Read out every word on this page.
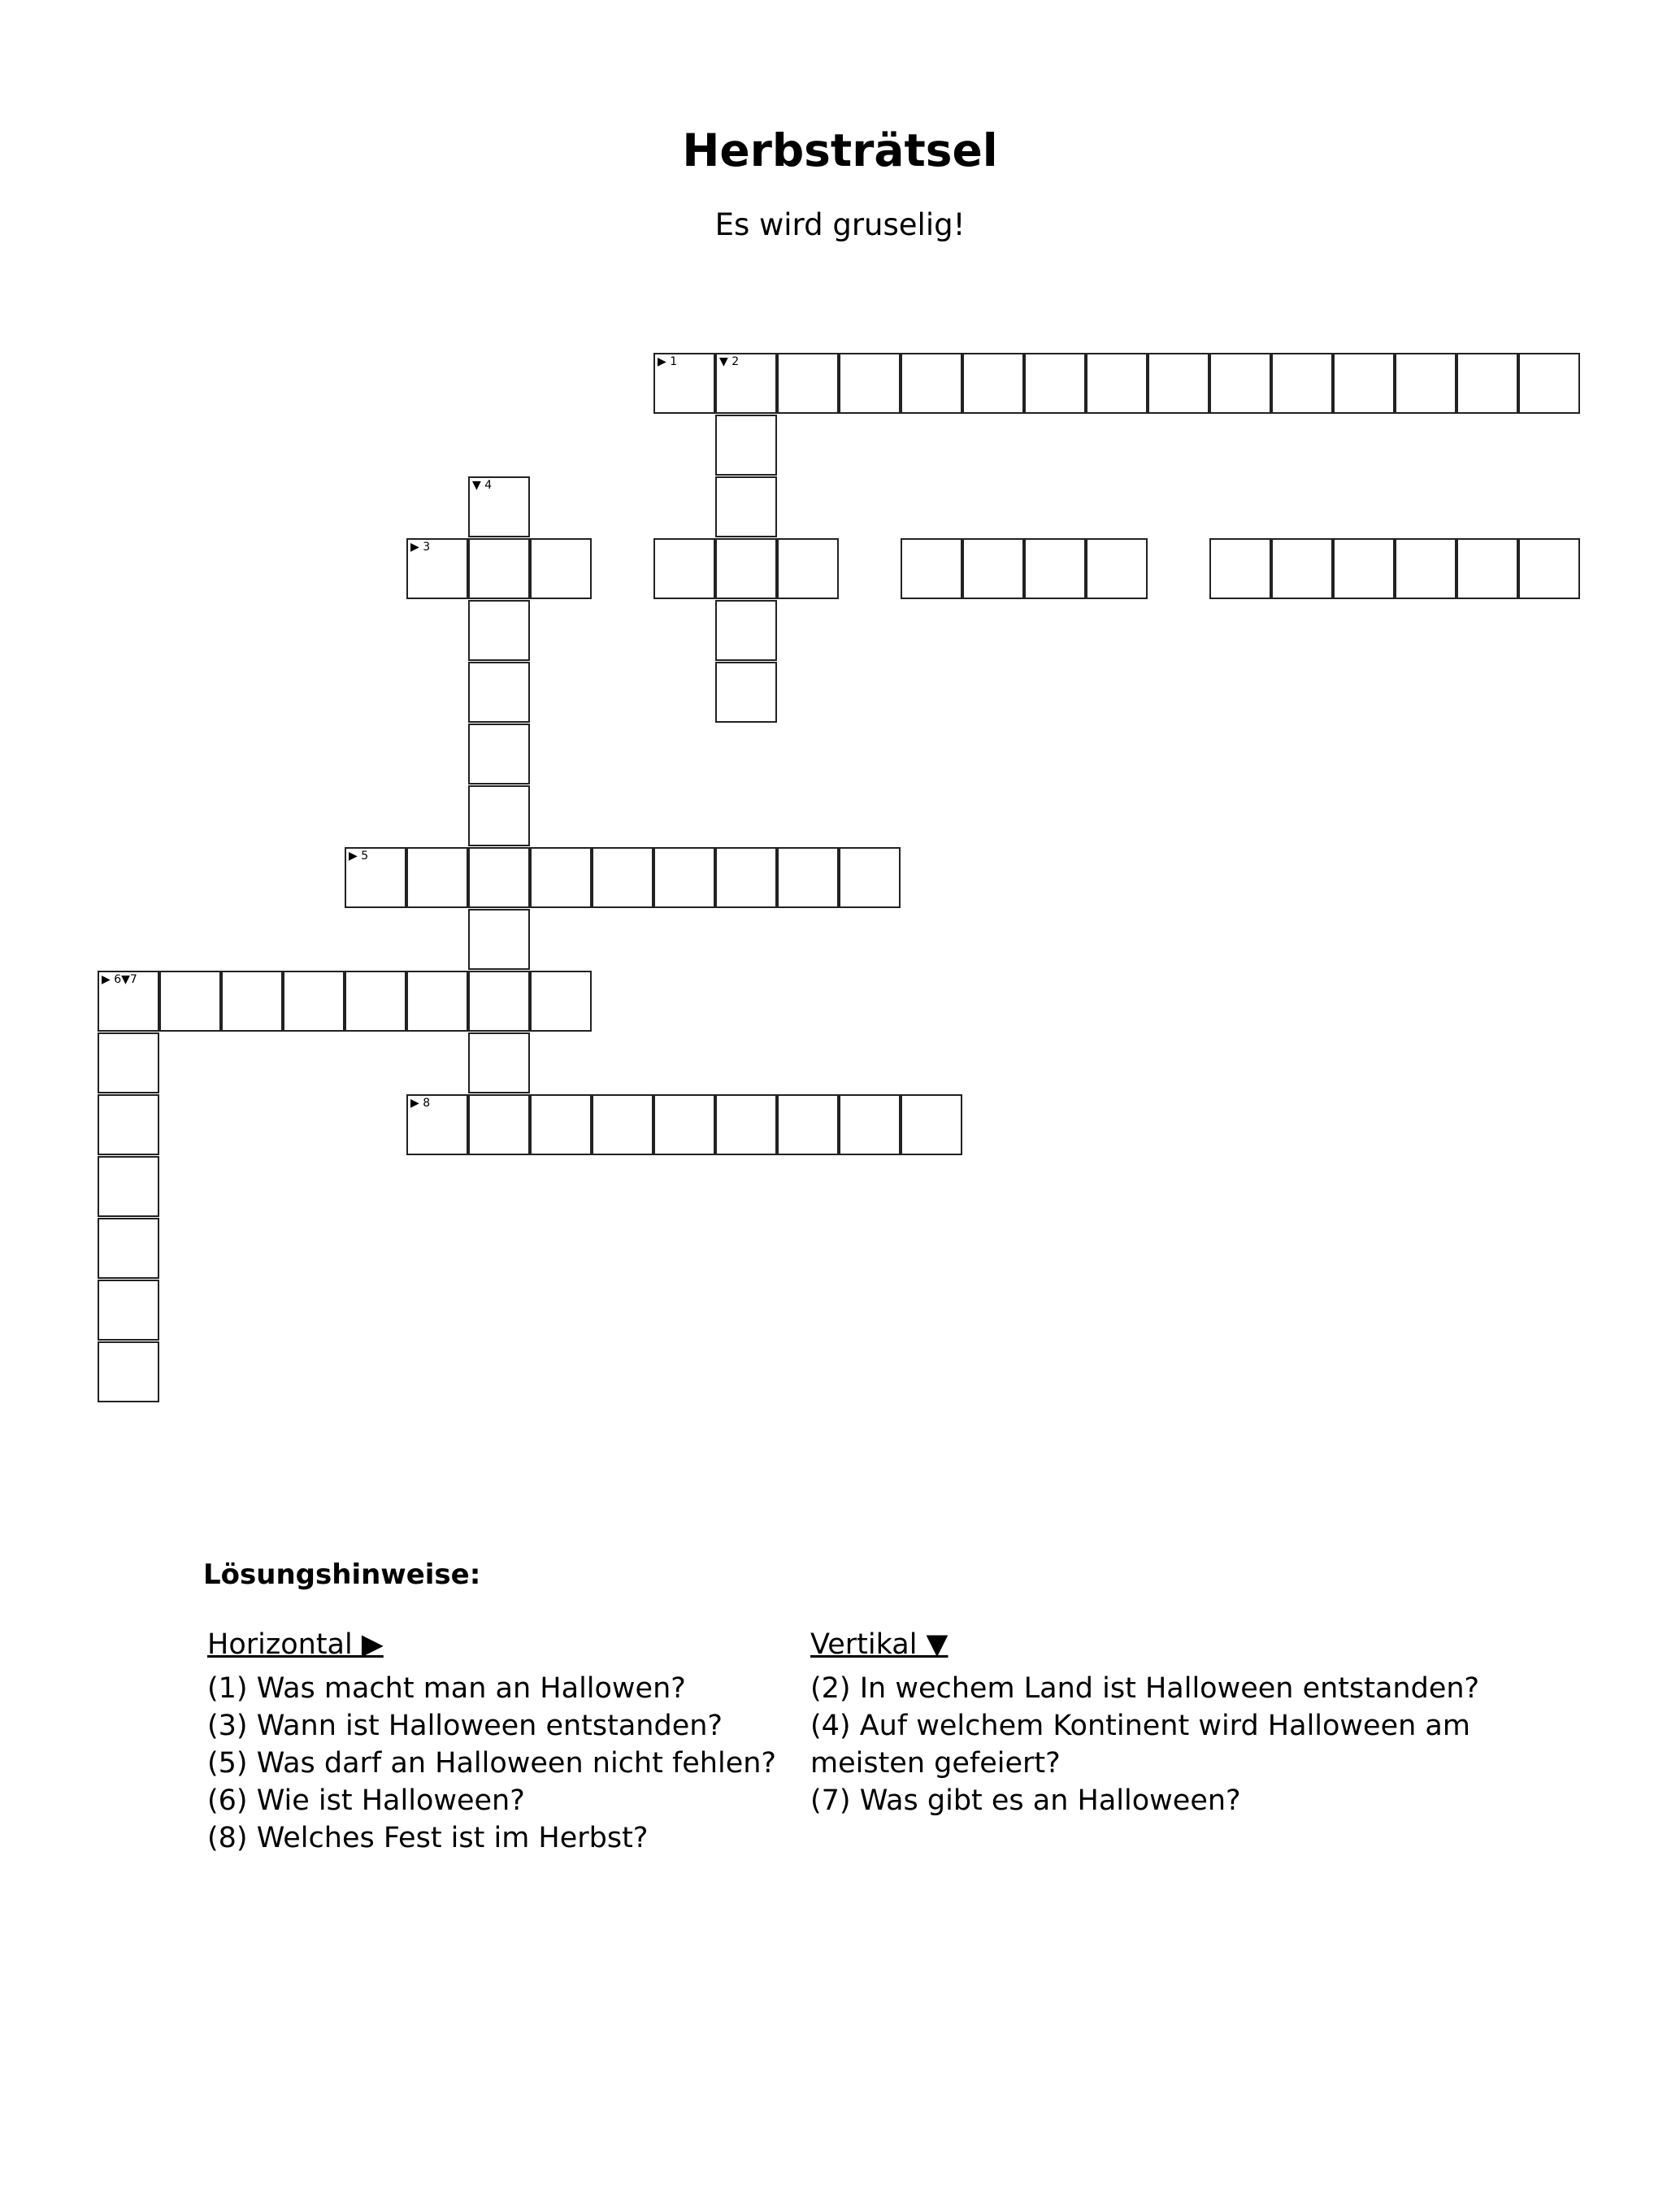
Herbsträtsel
Es wird gruselig!
▶ 1	▼ 2
▶ 3
▼ 4
▶ 5
▶ 6▼7
▶ 8
Lösungshinweise:
Horizontal ▶

(1) Was macht man an Hallowen?

(3) Wann ist Halloween entstanden?

(5) Was darf an Halloween nicht fehlen?

(6) Wie ist Halloween?

(8) Welches Fest ist im Herbst?

Vertikal ▼

(2) In wechem Land ist Halloween entstanden?

(4) Auf welchem Kontinent wird Halloween am meisten gefeiert?

(7) Was gibt es an Halloween?
